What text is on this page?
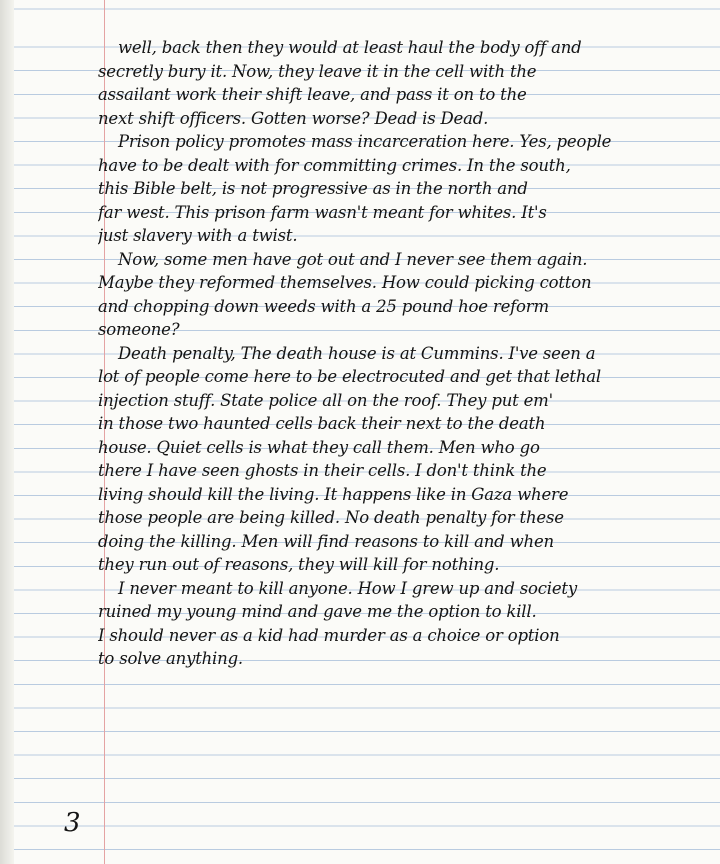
well, back then they would at least haul the body off and
secretly bury it. Now, they leave it in the cell with the
assailant work their shift leave, and pass it on to the
next shift officers. Gotten worse? Dead is Dead.
Prison policy promotes mass incarceration here. Yes, people
have to be dealt with for committing crimes. In the south,
this Bible belt, is not progressive as in the north and
far west. This prison farm wasn't meant for whites. It's
just slavery with a twist.
Now, some men have got out and I never see them again.
Maybe they reformed themselves. How could picking cotton
and chopping down weeds with a 25 pound hoe reform
someone?
Death penalty, The death house is at Cummins. I've seen a
lot of people come here to be electrocuted and get that lethal
injection stuff. State police all on the roof. They put em'
in those two haunted cells back their next to the death
house. Quiet cells is what they call them. Men who go
there I have seen ghosts in their cells. I don't think the
living should kill the living. It happens like in Gaza where
those people are being killed. No death penalty for these
doing the killing. Men will find reasons to kill and when
they run out of reasons, they will kill for nothing.
I never meant to kill anyone. How I grew up and society
ruined my young mind and gave me the option to kill.
I should never as a kid had murder as a choice or option
to solve anything.
3
